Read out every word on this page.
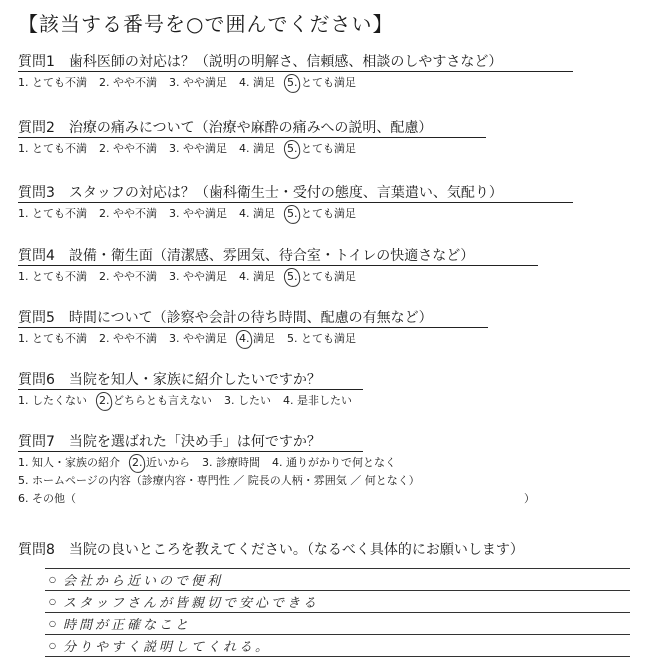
【該当する番号を○で囲んでください】
質問1 歯科医師の対応は？（説明の明解さ、信頼感、相談のしやすさなど）
1. とても不満 2. やや不満 3. やや満足 4. 満足 5. とても満足
質問2 治療の痛みについて（治療や麻酔の痛みへの説明、配慮）
1. とても不満 2. やや不満 3. やや満足 4. 満足 5. とても満足
質問3 スタッフの対応は？（歯科衛生士・受付の態度、言葉遣い、気配り）
1. とても不満 2. やや不満 3. やや満足 4. 満足 5. とても満足
質問4 設備・衛生面（清潔感、雰囲気、待合室・トイレの快適さなど）
1. とても不満 2. やや不満 3. やや満足 4. 満足 5. とても満足
質問5 時間について（診察や会計の待ち時間、配慮の有無など）
1. とても不満 2. やや不満 3. やや満足 4. 満足 5. とても満足
質問6 当院を知人・家族に紹介したいですか？
1. したくない 2. どちらとも言えない 3. したい 4. 是非したい
質問7 当院を選ばれた「決め手」は何ですか？
1. 知人・家族の紹介 2. 近いから 3. 診療時間 4. 通りがかりで何となく
5. ホームページの内容（診療内容・専門性 ／ 院長の人柄・雰囲気 ／ 何となく）
6. その他（	）
質問8 当院の良いところを教えてください。（なるべく具体的にお願いします）
○ 会社から近いので便利
○ スタッフさんが皆親切で安心できる
○ 時間が正確なこと
○ 分りやすく説明してくれる。
